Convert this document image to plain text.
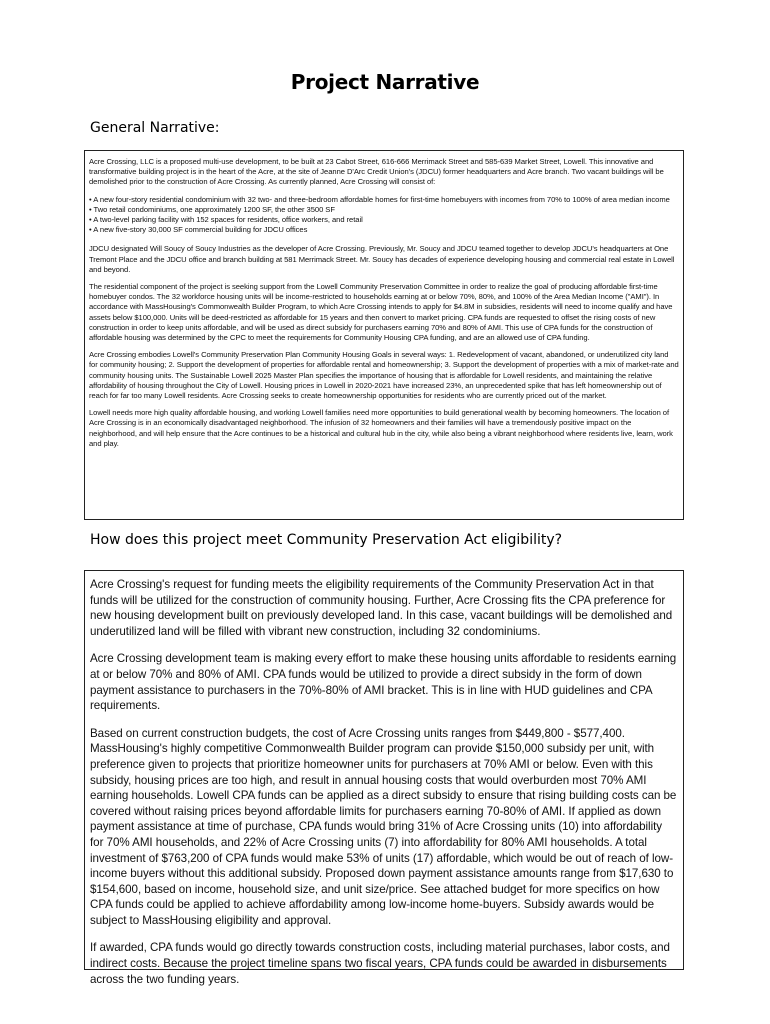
Project Narrative
General Narrative:

Acre Crossing, LLC is a proposed multi-use development, to be built at 23 Cabot Street, 616-666 Merrimack Street and 585-639 Market Street, Lowell. This innovative and transformative building project is in the heart of the Acre, at the site of Jeanne D'Arc Credit Union's (JDCU) former headquarters and Acre branch. Two vacant buildings will be demolished prior to the construction of Acre Crossing. As currently planned, Acre Crossing will consist of:

• A new four-story residential condominium with 32 two- and three-bedroom affordable homes for first-time homebuyers with incomes from 70% to 100% of area median income

• Two retail condominiums, one approximately 1200 SF, the other 3500 SF

• A two-level parking facility with 152 spaces for residents, office workers, and retail

• A new five-story 30,000 SF commercial building for JDCU offices

JDCU designated Will Soucy of Soucy Industries as the developer of Acre Crossing. Previously, Mr. Soucy and JDCU teamed together to develop JDCU's headquarters at One Tremont Place and the JDCU office and branch building at 581 Merrimack Street. Mr. Soucy has decades of experience developing housing and commercial real estate in Lowell and beyond.

The residential component of the project is seeking support from the Lowell Community Preservation Committee in order to realize the goal of producing affordable first-time homebuyer condos. The 32 workforce housing units will be income-restricted to households earning at or below 70%, 80%, and 100% of the Area Median Income ("AMI"). In accordance with MassHousing's Commonwealth Builder Program, to which Acre Crossing intends to apply for $4.8M in subsidies, residents will need to income qualify and have assets below $100,000. Units will be deed-restricted as affordable for 15 years and then convert to market pricing. CPA funds are requested to offset the rising costs of new construction in order to keep units affordable, and will be used as direct subsidy for purchasers earning 70% and 80% of AMI. This use of CPA funds for the construction of affordable housing was determined by the CPC to meet the requirements for Community Housing CPA funding, and are an allowed use of CPA funding.

Acre Crossing embodies Lowell's Community Preservation Plan Community Housing Goals in several ways: 1. Redevelopment of vacant, abandoned, or underutilized city land for community housing; 2. Support the development of properties for affordable rental and homeownership; 3. Support the development of properties with a mix of market-rate and community housing units. The Sustainable Lowell 2025 Master Plan specifies the importance of housing that is affordable for Lowell residents, and maintaining the relative affordability of housing throughout the City of Lowell. Housing prices in Lowell in 2020-2021 have increased 23%, an unprecedented spike that has left homeownership out of reach for far too many Lowell residents. Acre Crossing seeks to create homeownership opportunities for residents who are currently priced out of the market.

Lowell needs more high quality affordable housing, and working Lowell families need more opportunities to build generational wealth by becoming homeowners. The location of Acre Crossing is in an economically disadvantaged neighborhood. The infusion of 32 homeowners and their families will have a tremendously positive impact on the neighborhood, and will help ensure that the Acre continues to be a historical and cultural hub in the city, while also being a vibrant neighborhood where residents live, learn, work and play.

How does this project meet Community Preservation Act eligibility?

Acre Crossing's request for funding meets the eligibility requirements of the Community Preservation Act in that funds will be utilized for the construction of community housing. Further, Acre Crossing fits the CPA preference for new housing development built on previously developed land. In this case, vacant buildings will be demolished and underutilized land will be filled with vibrant new construction, including 32 condominiums.

Acre Crossing development team is making every effort to make these housing units affordable to residents earning at or below 70% and 80% of AMI. CPA funds would be utilized to provide a direct subsidy in the form of down payment assistance to purchasers in the 70%-80% of AMI bracket. This is in line with HUD guidelines and CPA requirements.

Based on current construction budgets, the cost of Acre Crossing units ranges from $449,800 - $577,400. MassHousing's highly competitive Commonwealth Builder program can provide $150,000 subsidy per unit, with preference given to projects that prioritize homeowner units for purchasers at 70% AMI or below. Even with this subsidy, housing prices are too high, and result in annual housing costs that would overburden most 70% AMI earning households. Lowell CPA funds can be applied as a direct subsidy to ensure that rising building costs can be covered without raising prices beyond affordable limits for purchasers earning 70-80% of AMI. If applied as down payment assistance at time of purchase, CPA funds would bring 31% of Acre Crossing units (10) into affordability for 70% AMI households, and 22% of Acre Crossing units (7) into affordability for 80% AMI households. A total investment of $763,200 of CPA funds would make 53% of units (17) affordable, which would be out of reach of low-income buyers without this additional subsidy. Proposed down payment assistance amounts range from $17,630 to $154,600, based on income, household size, and unit size/price. See attached budget for more specifics on how CPA funds could be applied to achieve affordability among low-income home-buyers. Subsidy awards would be subject to MassHousing eligibility and approval.

If awarded, CPA funds would go directly towards construction costs, including material purchases, labor costs, and indirect costs. Because the project timeline spans two fiscal years, CPA funds could be awarded in disbursements across the two funding years.
